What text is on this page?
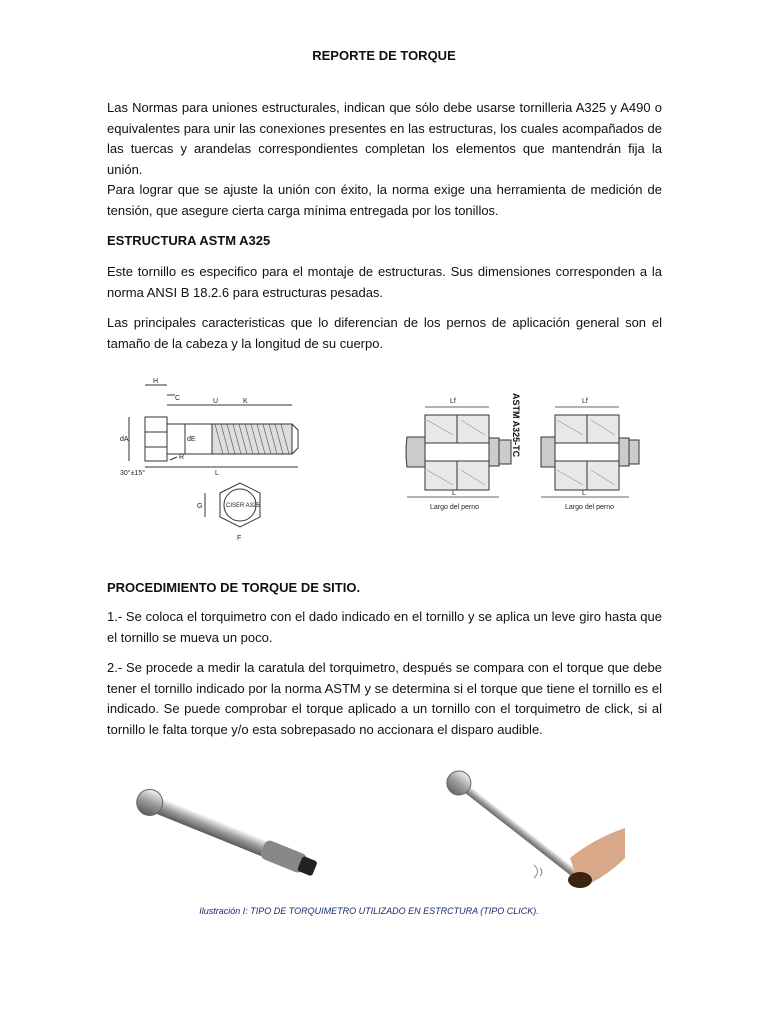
REPORTE DE TORQUE

Las Normas para uniones estructurales, indican que sólo debe usarse tornilleria A325 y A490 o equivalentes para unir las conexiones presentes en las estructuras, los cuales acompañados de las tuercas y arandelas correspondientes completan los elementos que mantendrán fija la unión.
Para lograr que se ajuste la unión con éxito, la norma exige una herramienta de medición de tensión, que asegure cierta carga mínima entregada por los tonillos.

ESTRUCTURA ASTM A325

Este tornillo es especifico para el montaje de estructuras. Sus dimensiones corresponden a la norma ANSI B 18.2.6 para estructuras pesadas.

Las principales caracteristicas que lo diferencian de los pernos de aplicación general son el tamaño de la cabeza y la longitud de su cuerpo.

H
C	U	K
dA	dE
R
L
30°±15°
G
F
CISER A325
Lf	Lf
L	L
Largo del perno	Largo del perno
ASTM A325-TC
PROCEDIMIENTO DE TORQUE DE SITIO.

1.- Se coloca el torquimetro con el dado indicado en el tornillo y se aplica un leve giro hasta que el tornillo se mueva un poco.

2.- Se procede a medir la caratula del torquimetro, después se compara con el torque que debe tener el tornillo indicado por la norma ASTM y se determina si el torque que tiene el tornillo es el indicado. Se puede comprobar el torque aplicado a un tornillo con el torquimetro de click, si al tornillo le falta torque y/o esta sobrepasado no accionara el disparo audible.

Ilustración I: TIPO DE TORQUIMETRO UTILIZADO EN ESTRCTURA (TIPO CLICK).
